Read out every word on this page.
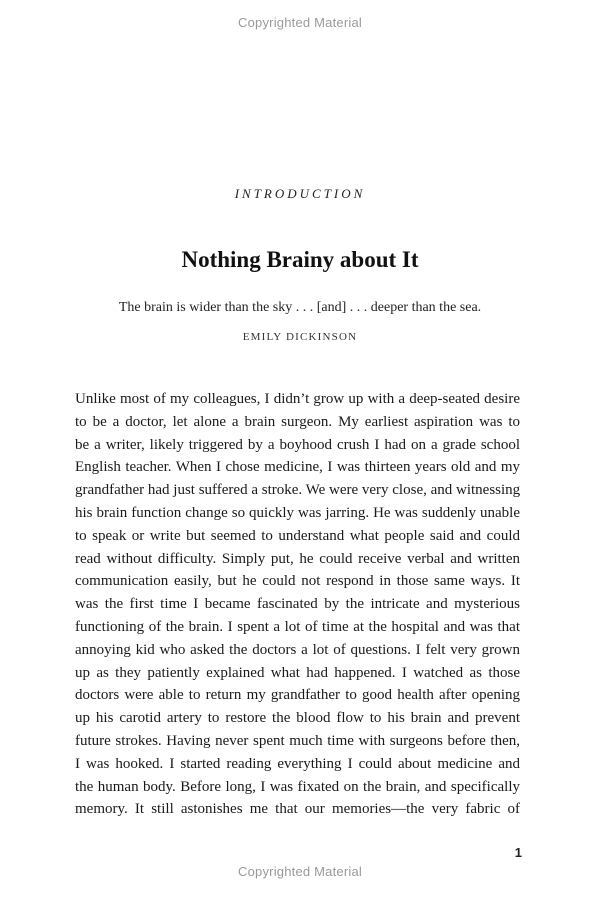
Copyrighted Material
INTRODUCTION
Nothing Brainy about It
The brain is wider than the sky . . . [and] . . . deeper than the sea.
EMILY DICKINSON
Unlike most of my colleagues, I didn’t grow up with a deep-seated desire
to be a doctor, let alone a brain surgeon. My earliest aspiration was to
be a writer, likely triggered by a boyhood crush I had on a grade school
English teacher. When I chose medicine, I was thirteen years old and my
grandfather had just suffered a stroke. We were very close, and witnessing
his brain function change so quickly was jarring. He was suddenly unable
to speak or write but seemed to understand what people said and could
read without difficulty. Simply put, he could receive verbal and written
communication easily, but he could not respond in those same ways. It
was the first time I became fascinated by the intricate and mysterious
functioning of the brain. I spent a lot of time at the hospital and was that
annoying kid who asked the doctors a lot of questions. I felt very grown
up as they patiently explained what had happened. I watched as those
doctors were able to return my grandfather to good health after opening
up his carotid artery to restore the blood flow to his brain and prevent
future strokes. Having never spent much time with surgeons before then,
I was hooked. I started reading everything I could about medicine and
the human body. Before long, I was fixated on the brain, and specifically
memory. It still astonishes me that our memories—the very fabric of
1
Copyrighted Material
